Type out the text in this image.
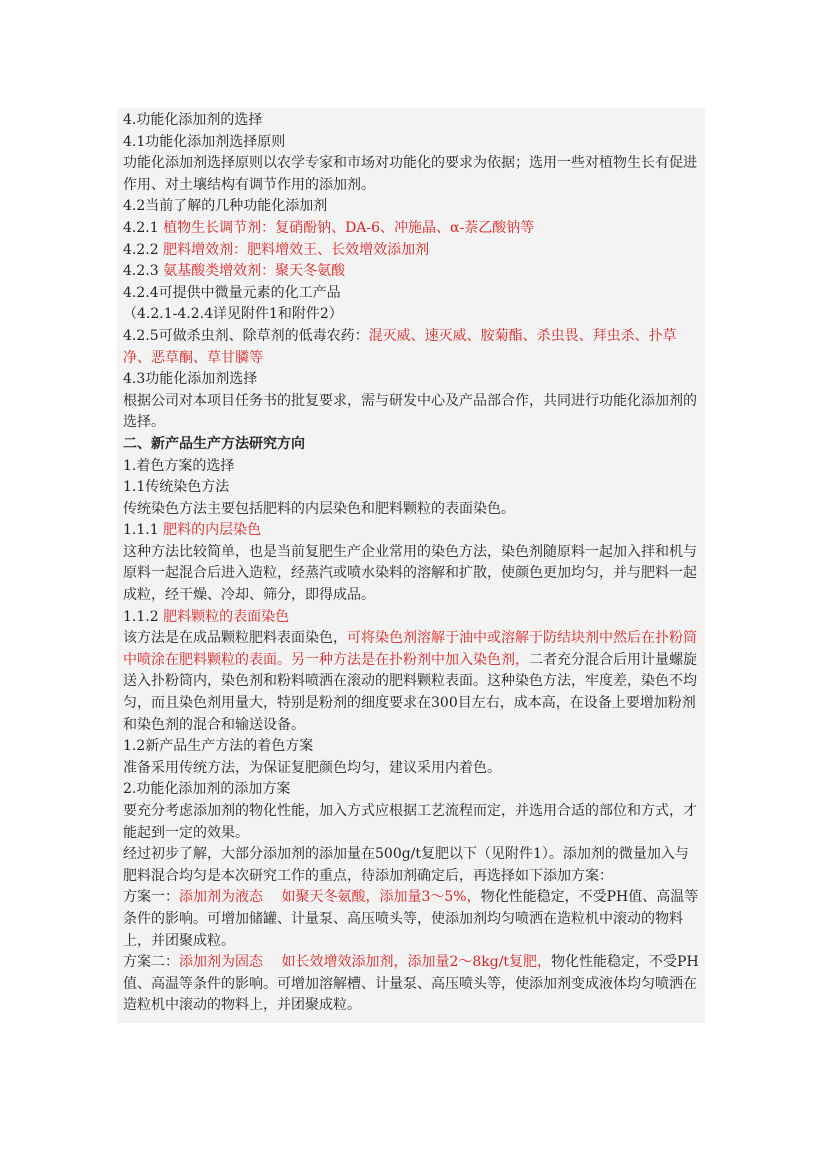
4.功能化添加剂的选择

4.1功能化添加剂选择原则

功能化添加剂选择原则以农学专家和市场对功能化的要求为依据；选用一些对植物生长有促进作用、对土壤结构有调节作用的添加剂。

4.2当前了解的几种功能化添加剂

4.2.1 植物生长调节剂：复硝酚钠、DA-6、冲施晶、α-萘乙酸钠等

4.2.2 肥料增效剂：肥料增效王、长效增效添加剂

4.2.3 氨基酸类增效剂：聚天冬氨酸

4.2.4可提供中微量元素的化工产品

（4.2.1-4.2.4详见附件1和附件2）

4.2.5可做杀虫剂、除草剂的低毒农药：混灭威、速灭威、胺菊酯、杀虫畏、拜虫杀、扑草净、恶草酮、草甘膦等

4.3功能化添加剂选择

根据公司对本项目任务书的批复要求，需与研发中心及产品部合作，共同进行功能化添加剂的选择。

二、新产品生产方法研究方向

1.着色方案的选择

1.1传统染色方法

传统染色方法主要包括肥料的内层染色和肥料颗粒的表面染色。

1.1.1 肥料的内层染色

这种方法比较简单，也是当前复肥生产企业常用的染色方法，染色剂随原料一起加入拌和机与原料一起混合后进入造粒，经蒸汽或喷水染料的溶解和扩散，使颜色更加均匀，并与肥料一起成粒，经干燥、冷却、筛分，即得成品。

1.1.2 肥料颗粒的表面染色

该方法是在成品颗粒肥料表面染色，可将染色剂溶解于油中或溶解于防结块剂中然后在扑粉筒中喷涂在肥料颗粒的表面。另一种方法是在扑粉剂中加入染色剂，二者充分混合后用计量螺旋送入扑粉筒内，染色剂和粉料喷洒在滚动的肥料颗粒表面。这种染色方法，牢度差，染色不均匀，而且染色剂用量大，特别是粉剂的细度要求在300目左右，成本高，在设备上要增加粉剂和染色剂的混合和输送设备。

1.2新产品生产方法的着色方案

准备采用传统方法，为保证复肥颜色均匀，建议采用内着色。

2.功能化添加剂的添加方案

要充分考虑添加剂的物化性能，加入方式应根据工艺流程而定，并选用合适的部位和方式，才能起到一定的效果。

经过初步了解，大部分添加剂的添加量在500g/t复肥以下（见附件1）。添加剂的微量加入与肥料混合均匀是本次研究工作的重点，待添加剂确定后，再选择如下添加方案：

方案一：添加剂为液态　 如聚天冬氨酸，添加量3～5%，物化性能稳定，不受PH值、高温等条件的影响。可增加储罐、计量泵、高压喷头等，使添加剂均匀喷洒在造粒机中滚动的物料上，并团聚成粒。

方案二：添加剂为固态　 如长效增效添加剂，添加量2～8kg/t复肥，物化性能稳定，不受PH值、高温等条件的影响。可增加溶解槽、计量泵、高压喷头等，使添加剂变成液体均匀喷洒在造粒机中滚动的物料上，并团聚成粒。
